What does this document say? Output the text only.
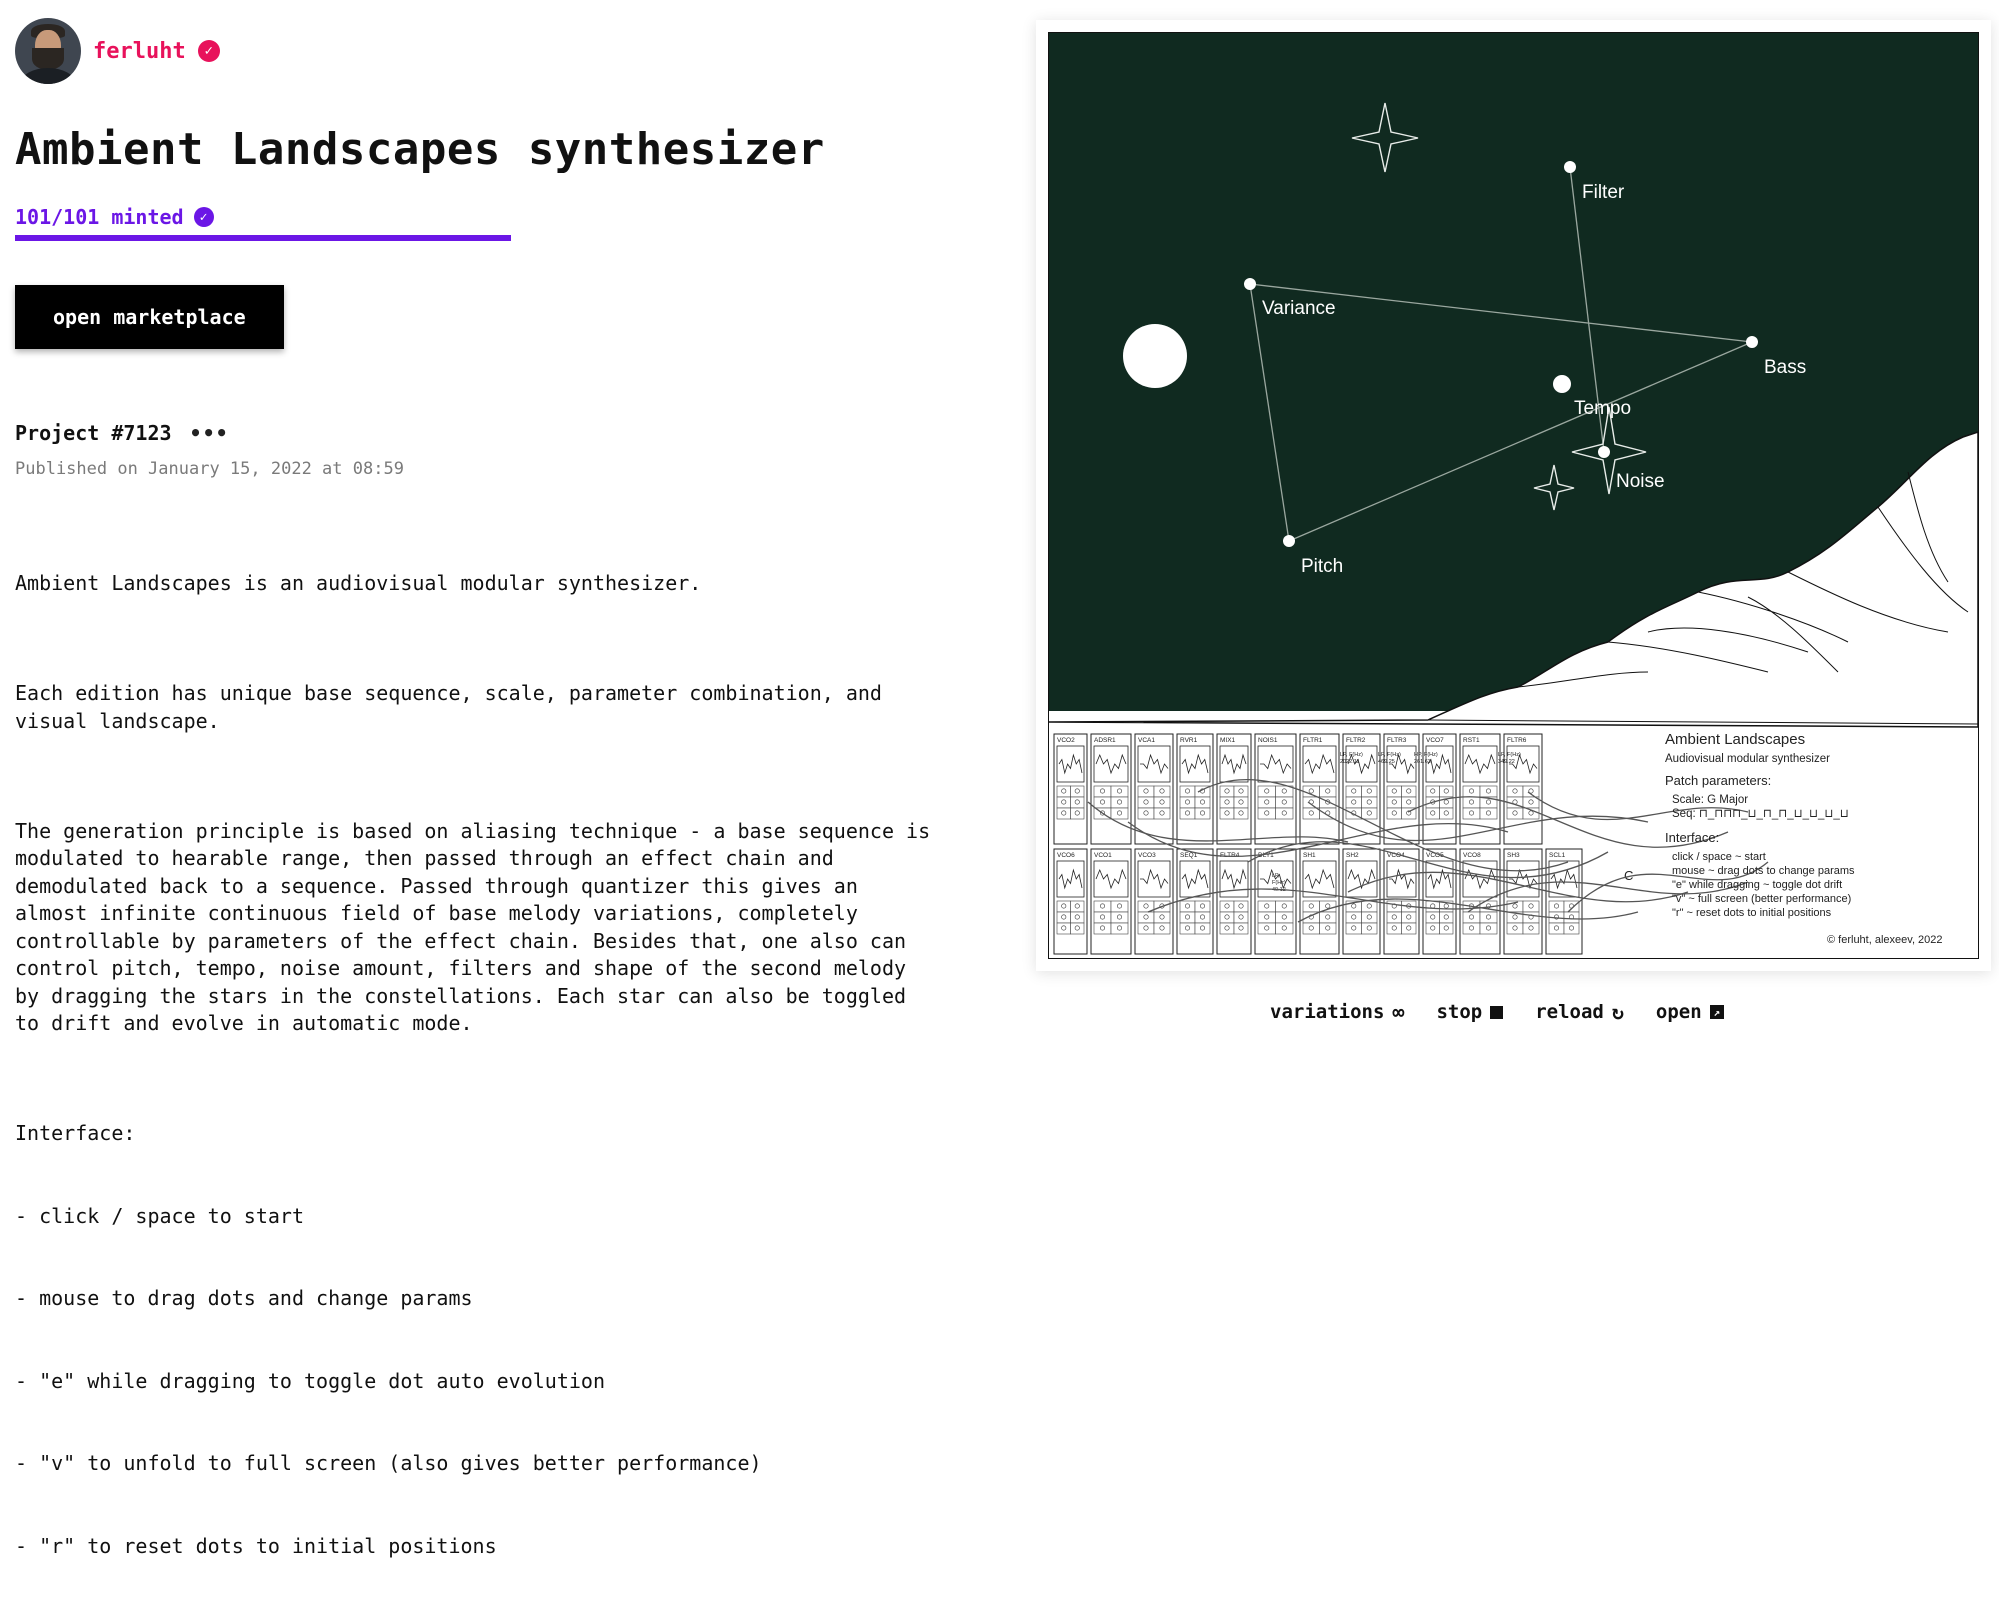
ferluht	✓
Ambient Landscapes synthesizer
101/101 minted	✓
open marketplace
Project #7123 •••
Published on January 15, 2022 at 08:59

Ambient Landscapes is an audiovisual modular synthesizer.

Each edition has unique base sequence, scale, parameter combination, and
visual landscape.

The generation principle is based on aliasing technique - a base sequence is
modulated to hearable range, then passed through an effect chain and
demodulated back to a sequence. Passed through quantizer this gives an
almost infinite continuous field of base melody variations, completely
controllable by parameters of the effect chain. Besides that, one also can
control pitch, tempo, noise amount, filters and shape of the second melody
by dragging the stars in the constellations. Each star can also be toggled
to drift and evolve in automatic mode.

Interface:

- click / space to start

- mouse to drag dots and change params

- "e" while dragging to toggle dot auto evolution

- "v" to unfold to full screen (also gives better performance)

- "r" to reset dots to initial positions

Filter
Variance
Bass
Tempo
Noise
Pitch
VCO2	ADSR1	VCA1	RVR1	MIX1	NOIS1	FLTR1	FLTR2	FLTR3	VCO7	RST1	FLTR6
VCO6	VCO1	VCO3	SEQ1	FLTR4	DLY1	SH1	SH2	VCO4	VCO5	VCO8	SH3	SCL1
LP, F(Hz)
2022.11
LP, F(Hz)
469.25
HP, F(Hz)
261.63
LP, F(Hz)
349.22
LP,
F(Hz)
40.12
C
Ambient Landscapes
Audiovisual modular synthesizer
Patch parameters:
Scale: G Major
Seq: ⊓_⊓⊓⊓_⊔_⊓_⊓_⊔_⊔_⊔_⊔
Interface:
click / space ~ start
mouse ~ drag dots to change params
"e" while dragging ~ toggle dot drift
"v" ~ full screen (better performance)
"r" ~ reset dots to initial positions
© ferluht, alexeev, 2022
variations ∞ stop	reload ↻ open	↗
